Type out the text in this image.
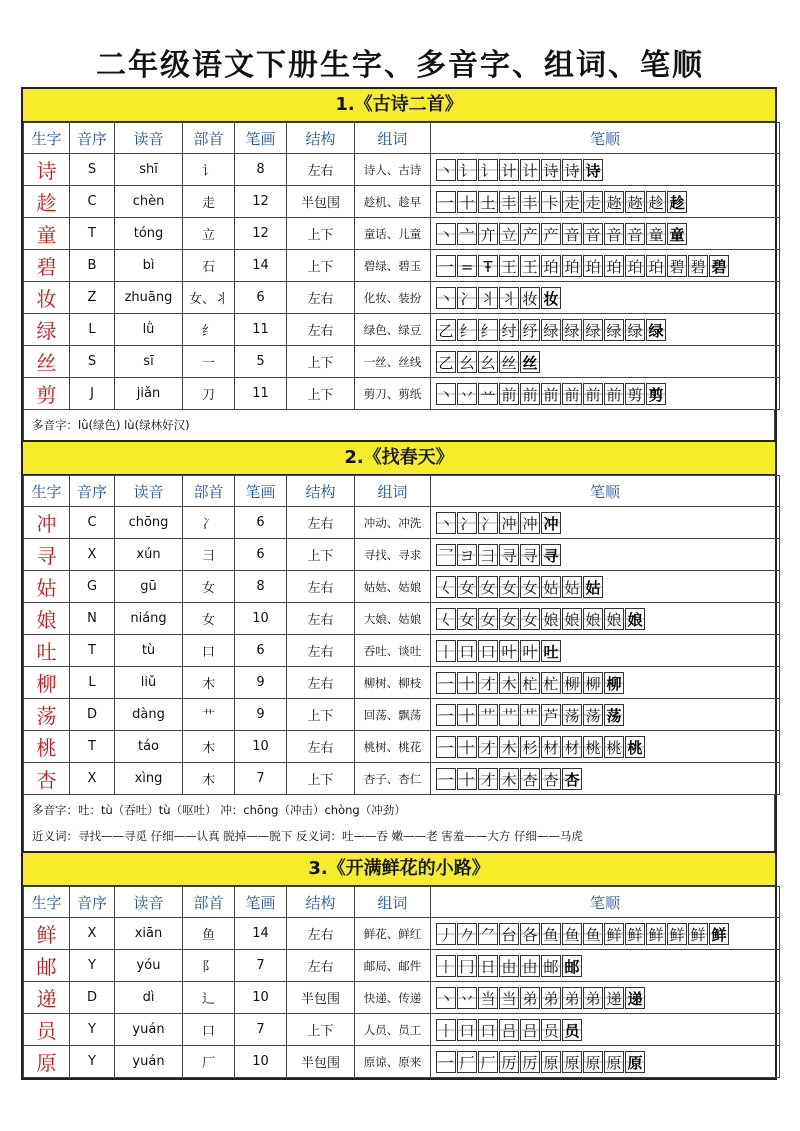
二年级语文下册生字、多音字、组词、笔顺
1.《古诗二首》
生字	音序	读音	部首	笔画	结构	组词	笔顺
诗	S	shī	讠	8	左右	诗人、古诗	丶 讠 讠 计 计 诗 诗 诗
趁	C	chèn	走	12	半包围	趁机、趁早	一 十 土 丰 丰 卡 走 走 趂 趂 趁 趁
童	T	tóng	立	12	上下	童话、儿童	丶 亠 亣 立 产 产 音 音 音 音 童 童
碧	B	bì	石	14	上下	碧绿、碧玉	一 = Ŧ 王 王 珀 珀 珀 珀 珀 珀 碧 碧 碧
妆	Z	zhuāng	女、丬	6	左右	化妆、装扮	丶 冫 丬 丬 妆 妆
绿	L	lǜ	纟	11	左右	绿色、绿豆	乙 纟 纟 纣 纾 绿 绿 绿 绿 绿 绿
丝	S	sī	一	5	上下	一丝、丝线	乙 幺 幺 丝 丝
剪	J	jiǎn	刀	11	上下	剪刀、剪纸	丶 丷 䒑 前 前 前 前 前 前 剪 剪
多音字：lǜ(绿色) lù(绿林好汉)
2.《找春天》
生字	音序	读音	部首	笔画	结构	组词	笔顺
冲	C	chōng	冫	6	左右	冲动、冲洗	丶 冫 冫 冲 冲 冲
寻	X	xún	彐	6	上下	寻找、寻求	乛 ヨ 彐 寻 寻 寻
姑	G	gū	女	8	左右	姑姑、姑娘	𡿨 女 女 女 女 姑 姑 姑
娘	N	niáng	女	10	左右	大娘、姑娘	𡿨 女 女 女 女 娘 娘 娘 娘 娘
吐	T	tù	口	6	左右	吞吐、谈吐	丨 口 口 叶 叶 吐
柳	L	liǔ	木	9	左右	柳树、柳枝	一 十 才 木 杧 杧 柳 柳 柳
荡	D	dàng	艹	9	上下	回荡、飘荡	一 十 艹 艹 艹 芦 荡 荡 荡
桃	T	táo	木	10	左右	桃树、桃花	一 十 才 木 杉 材 材 桃 桃 桃
杏	X	xìng	木	7	上下	杏子、杏仁	一 十 才 木 杏 杏 杏
多音字：吐：tù（吞吐）tù（呕吐） 冲：chōng（冲击）chòng（冲劲）
近义词：寻找——寻觅 仔细——认真 脱掉——脱下 反义词：吐——吞 嫩——老 害羞——大方 仔细——马虎
3.《开满鲜花的小路》
生字	音序	读音	部首	笔画	结构	组词	笔顺
鲜	X	xiān	鱼	14	左右	鲜花、鲜红	丿 𠂊 ⺈ 台 各 鱼 鱼 鱼 鲜 鲜 鲜 鲜 鲜 鲜
邮	Y	yóu	阝	7	左右	邮局、邮件	丨 冂 日 由 由 邮 邮
递	D	dì	辶	10	半包围	快递、传递	丶 丷 当 当 弟 弟 弟 弟 递 递
员	Y	yuán	口	7	上下	人员、员工	丨 口 口 吕 吕 员 员
原	Y	yuán	厂	10	半包围	原谅、原来	一 厂 厂 厉 厉 原 原 原 原 原
